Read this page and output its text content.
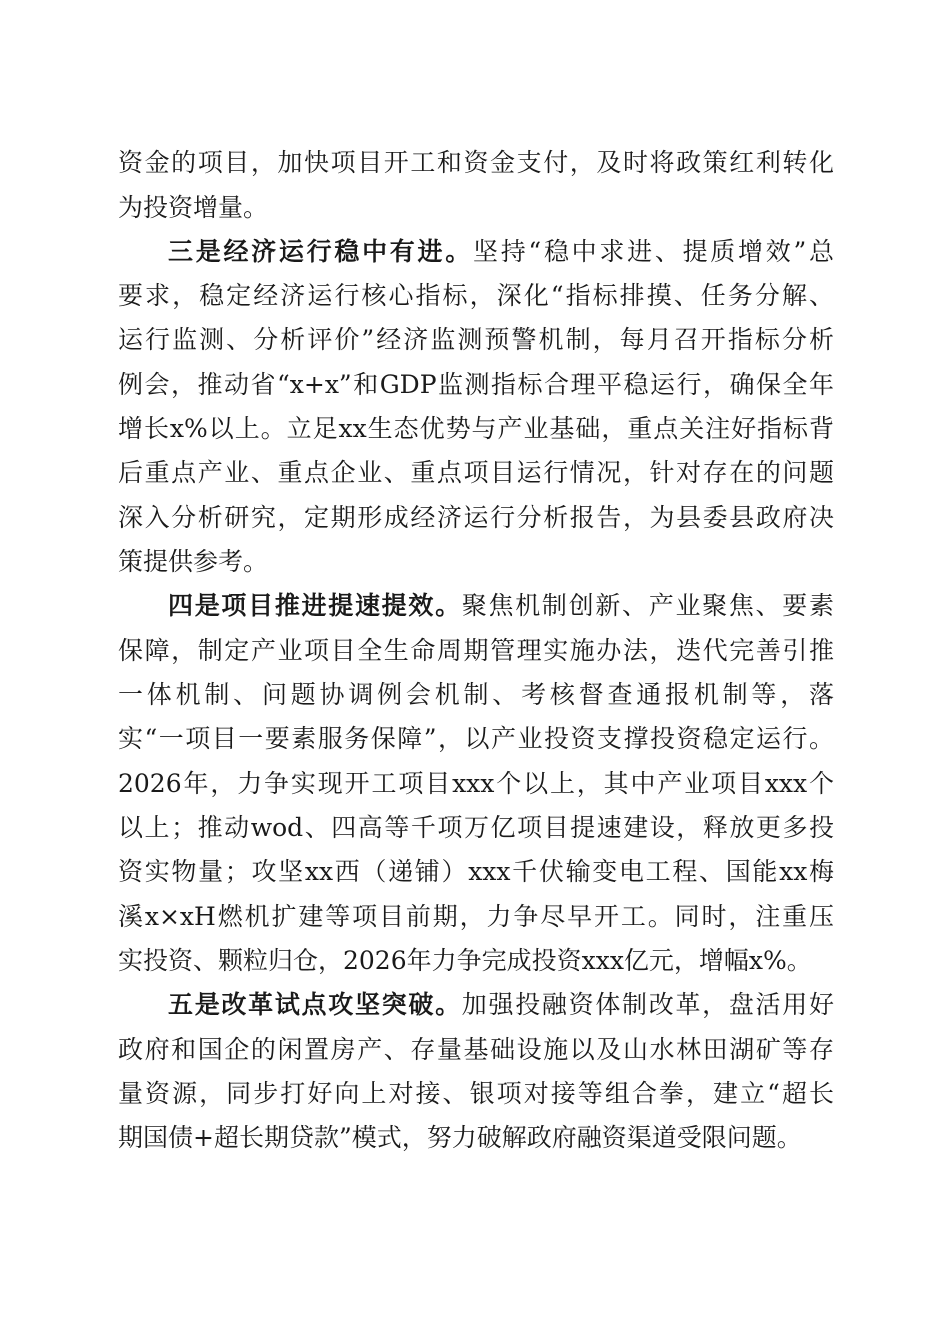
资金的项目，加快项目开工和资金支付，及时将政策红利转化
为投资增量。
三是经济运行稳中有进。坚持“稳中求进、提质增效”总
要求，稳定经济运行核心指标，深化“指标排摸、任务分解、
运行监测、分析评价”经济监测预警机制，每月召开指标分析
例会，推动省“x+x”和GDP监测指标合理平稳运行，确保全年
增长x%以上。立足xx生态优势与产业基础，重点关注好指标背
后重点产业、重点企业、重点项目运行情况，针对存在的问题
深入分析研究，定期形成经济运行分析报告，为县委县政府决
策提供参考。
四是项目推进提速提效。聚焦机制创新、产业聚焦、要素
保障，制定产业项目全生命周期管理实施办法，迭代完善引推
一体机制、问题协调例会机制、考核督查通报机制等，落
实“一项目一要素服务保障”，以产业投资支撑投资稳定运行。
2026年，力争实现开工项目xxx个以上，其中产业项目xxx个
以上；推动wod、四高等千项万亿项目提速建设，释放更多投
资实物量；攻坚xx西（递铺）xxx千伏输变电工程、国能xx梅
溪x×xH燃机扩建等项目前期，力争尽早开工。同时，注重压
实投资、颗粒归仓，2026年力争完成投资xxx亿元，增幅x%。
五是改革试点攻坚突破。加强投融资体制改革，盘活用好
政府和国企的闲置房产、存量基础设施以及山水林田湖矿等存
量资源，同步打好向上对接、银项对接等组合拳，建立“超长
期国债+超长期贷款”模式，努力破解政府融资渠道受限问题。
